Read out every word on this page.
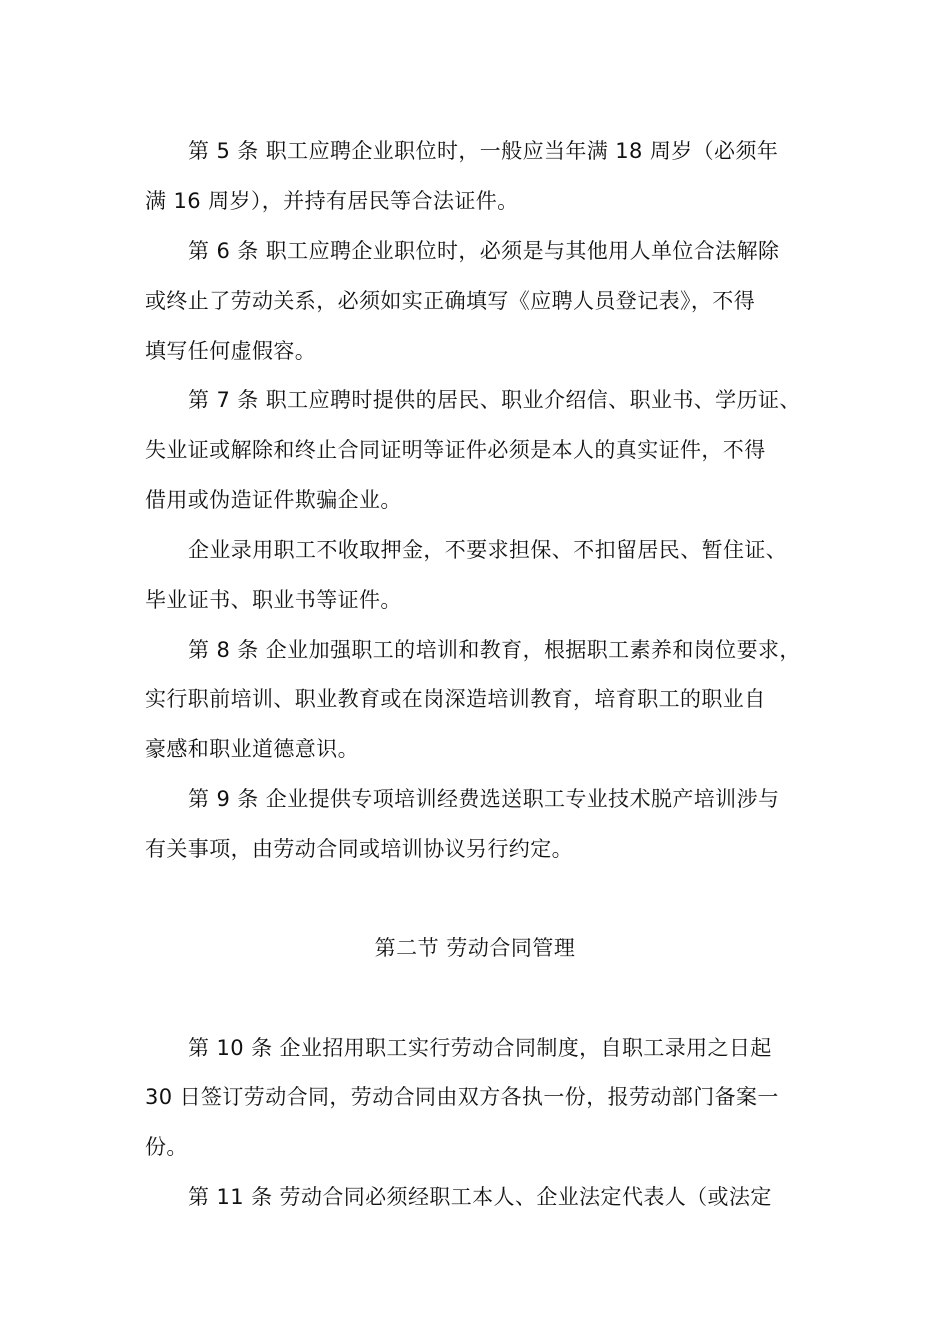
第 5 条 职工应聘企业职位时，一般应当年满 18 周岁（必须年
满 16 周岁），并持有居民等合法证件。
第 6 条 职工应聘企业职位时，必须是与其他用人单位合法解除
或终止了劳动关系，必须如实正确填写《应聘人员登记表》，不得
填写任何虚假容。
第 7 条 职工应聘时提供的居民、职业介绍信、职业书、学历证、
失业证或解除和终止合同证明等证件必须是本人的真实证件，不得
借用或伪造证件欺骗企业。
企业录用职工不收取押金，不要求担保、不扣留居民、暂住证、
毕业证书、职业书等证件。
第 8 条 企业加强职工的培训和教育，根据职工素养和岗位要求，
实行职前培训、职业教育或在岗深造培训教育，培育职工的职业自
豪感和职业道德意识。
第 9 条 企业提供专项培训经费选送职工专业技术脱产培训涉与
有关事项，由劳动合同或培训协议另行约定。
第二节 劳动合同管理
第 10 条 企业招用职工实行劳动合同制度，自职工录用之日起
30 日签订劳动合同，劳动合同由双方各执一份，报劳动部门备案一
份。
第 11 条 劳动合同必须经职工本人、企业法定代表人（或法定
